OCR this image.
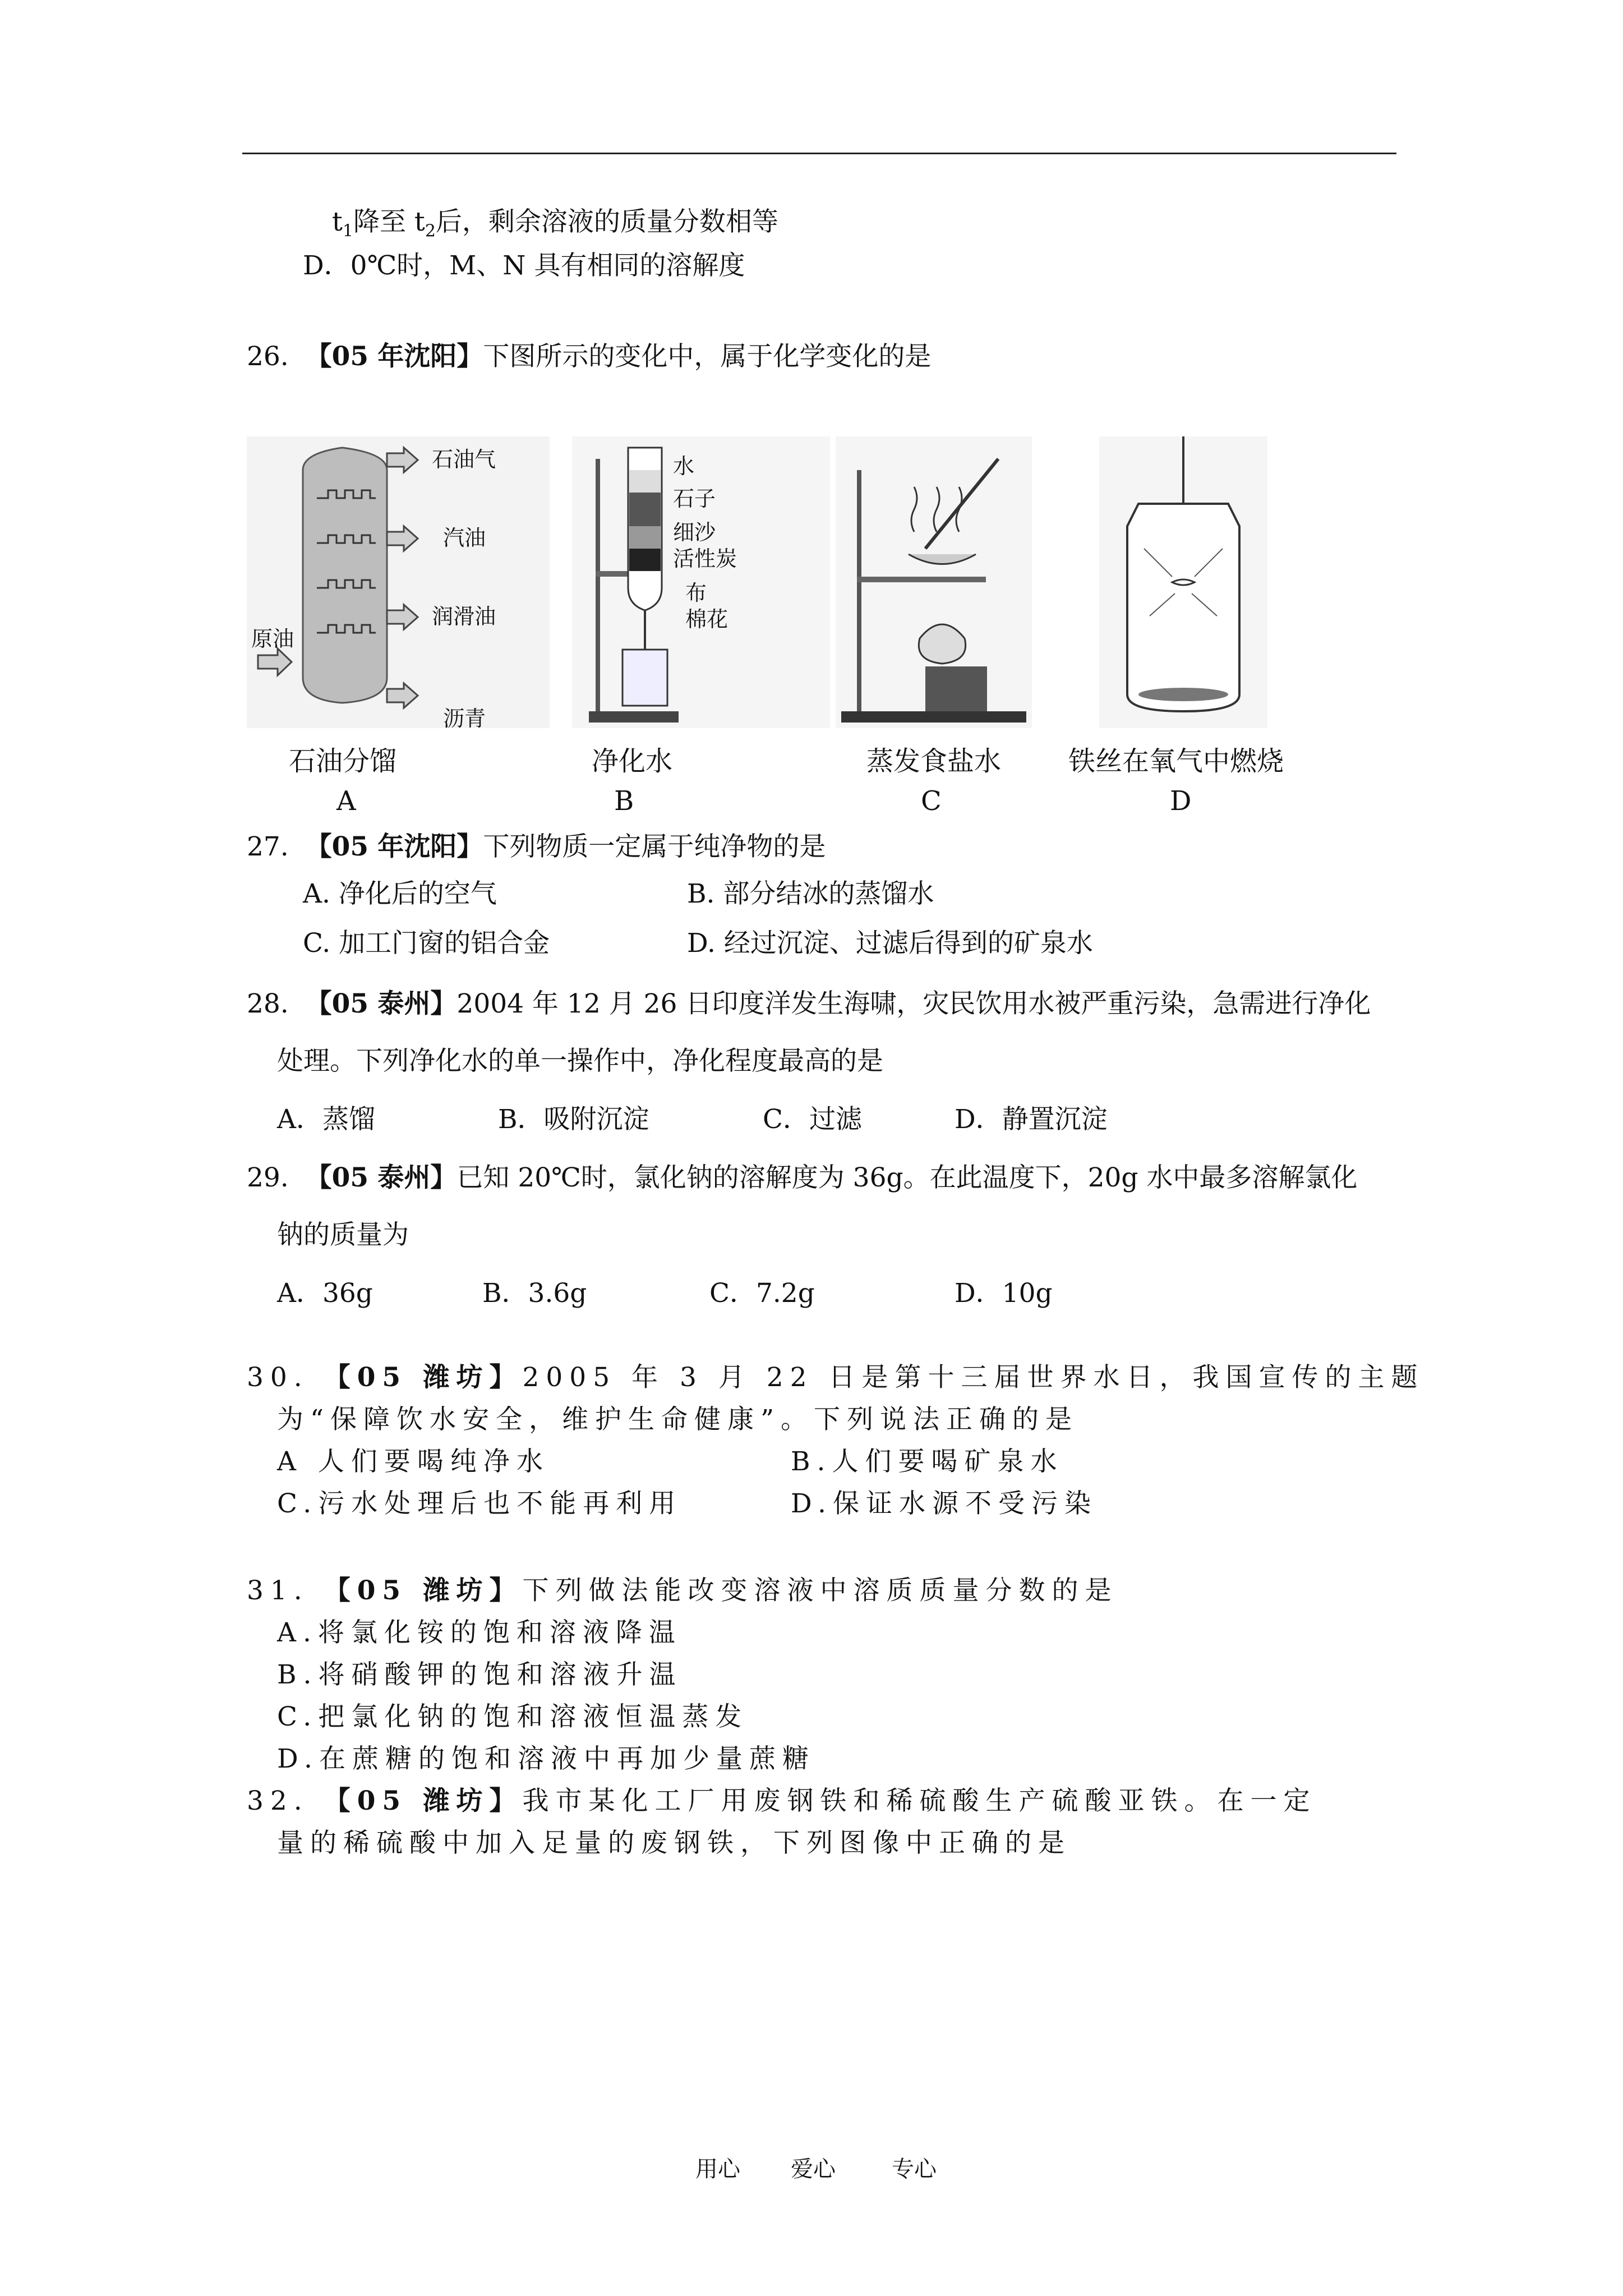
$t_1$降至 $t_2$后，剩余溶液的质量分数相等
D．0℃时，M、N 具有相同的溶解度
26. 【05 年沈阳】下图所示的变化中，属于化学变化的是
石油气
汽油
润滑油
原油
沥青
水
石子
细沙
活性炭
布
棉花
石油分馏	净化水	蒸发食盐水 铁丝在氧气中燃烧
A	B	C	D
27. 【05 年沈阳】下列物质一定属于纯净物的是
A. 净化后的空气	B. 部分结冰的蒸馏水
C. 加工门窗的铝合金	D. 经过沉淀、过滤后得到的矿泉水
28. 【05 泰州】2004 年 12 月 26 日印度洋发生海啸，灾民饮用水被严重污染，急需进行净化
处理。下列净化水的单一操作中，净化程度最高的是
A．蒸馏	B．吸附沉淀	C．过滤	D．静置沉淀
29. 【05 泰州】已知 20℃时，氯化钠的溶解度为 36g。在此温度下，20g 水中最多溶解氯化
钠的质量为
A．36g	B．3.6g	C．7.2g	D．10g
30. 【05 潍坊】2005 年 3 月 22 日是第十三届世界水日，我国宣传的主题
为“保障饮水安全，维护生命健康”。下列说法正确的是
A 人们要喝纯净水	B.人们要喝矿泉水
C.污水处理后也不能再利用	D.保证水源不受污染
31. 【05 潍坊】下列做法能改变溶液中溶质质量分数的是
A.将氯化铵的饱和溶液降温
B.将硝酸钾的饱和溶液升温
C.把氯化钠的饱和溶液恒温蒸发
D.在蔗糖的饱和溶液中再加少量蔗糖
32. 【05 潍坊】我市某化工厂用废钢铁和稀硫酸生产硫酸亚铁。在一定
量的稀硫酸中加入足量的废钢铁，下列图像中正确的是
用心 爱心	专心
